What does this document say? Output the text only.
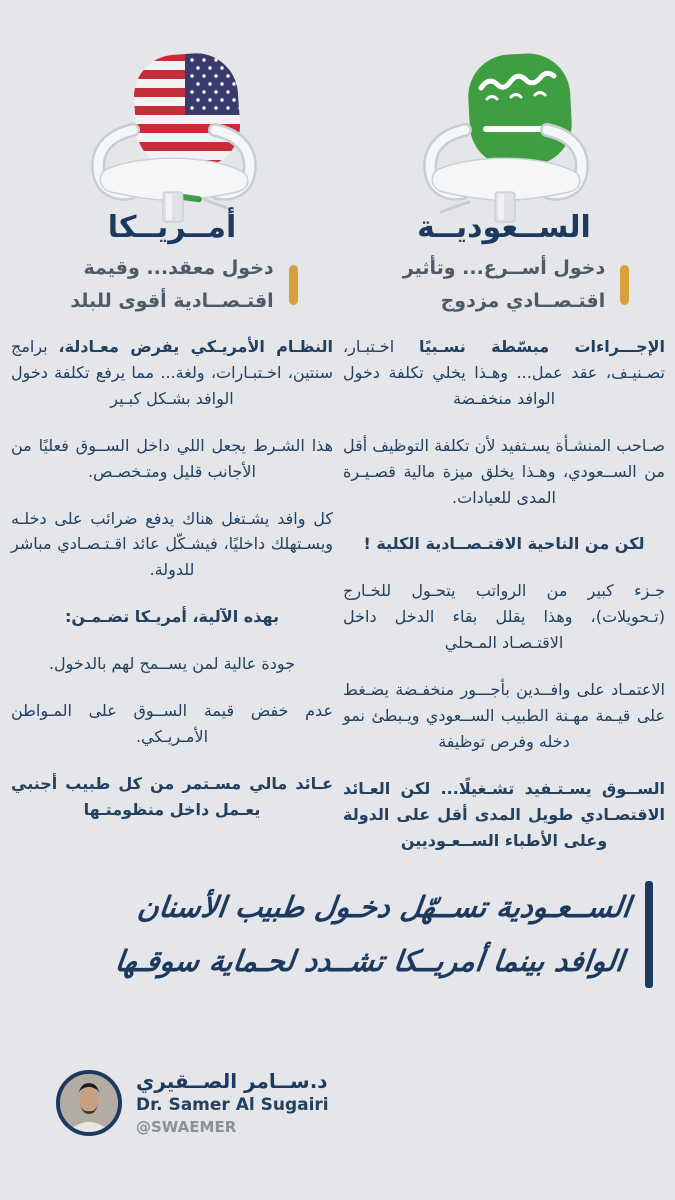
الســعوديــة
دخول أســرع... وتأثير
اقتـصــادي مزدوج

الإجـــراءات مبسّطة نسـبيًا اخـتبـار، تصـنيـف، عقد عمل... وهـذا يخلي تكلفة دخول الوافد منخفـضة

صـاحب المنشـأة يسـتفيد لأن تكلفة التوظيف أقل من الســعودي، وهـذا يخلق ميزة مالية قصـيـرة المدى للعيادات.

لكن من الناحية الاقتـصــادية الكلية !

جـزء كبير من الرواتب يتحـول للخـارج (تـحويلات)، وهذا يقلل بقاء الدخل داخل الاقتـصـاد المـحلي

الاعتمـاد على وافــدين بأجـــور منخفـضة يضـغط على قيـمة مهـنة الطبيب الســعودي ويـبطئ نمو دخله وفرص توظيفة

الســوق يسـتـفيد تشـغيلًا... لكن العـائد الاقتصـادي طويل المدى أقل على الدولة وعلى الأطباء الســعـوديين

أمــريــكا
دخول معقد... وقيمة
اقتـصــادية أقوى للبلد

النظـام الأمريـكي يفرض معـادلة، برامج سنتين، اخـتبـارات، ولغة... مما يرفع تكلفة دخول الوافد بشـكل كبـير

هذا الشـرط يجعل اللي داخل الســوق فعليًا من الأجانب قليل ومتـخصـص.

كل وافد يشـتغل هناك يدفع ضرائب على دخلـه ويسـتهلك داخليًا، فيشـكّل عائد اقـتـصـادي مباشر للدولة.

بهذه الآلية، أمريـكا تضـمـن:

جودة عالية لمن يســمح لهم بالدخول.

عدم خفض قيمة الســوق على المـواطن الأمـريـكي.

عـائد مالي مسـتمر من كل طبيب أجنبي يعـمل داخل منظومتـها

الســعـودية تســهّل دخـول طبيب الأسنان
الوافد بينما أمريــكا تشــدد لحـماية سوقـها
د.ســامر الصــقيري
Dr. Samer Al Sugairi
@SWAEMER
